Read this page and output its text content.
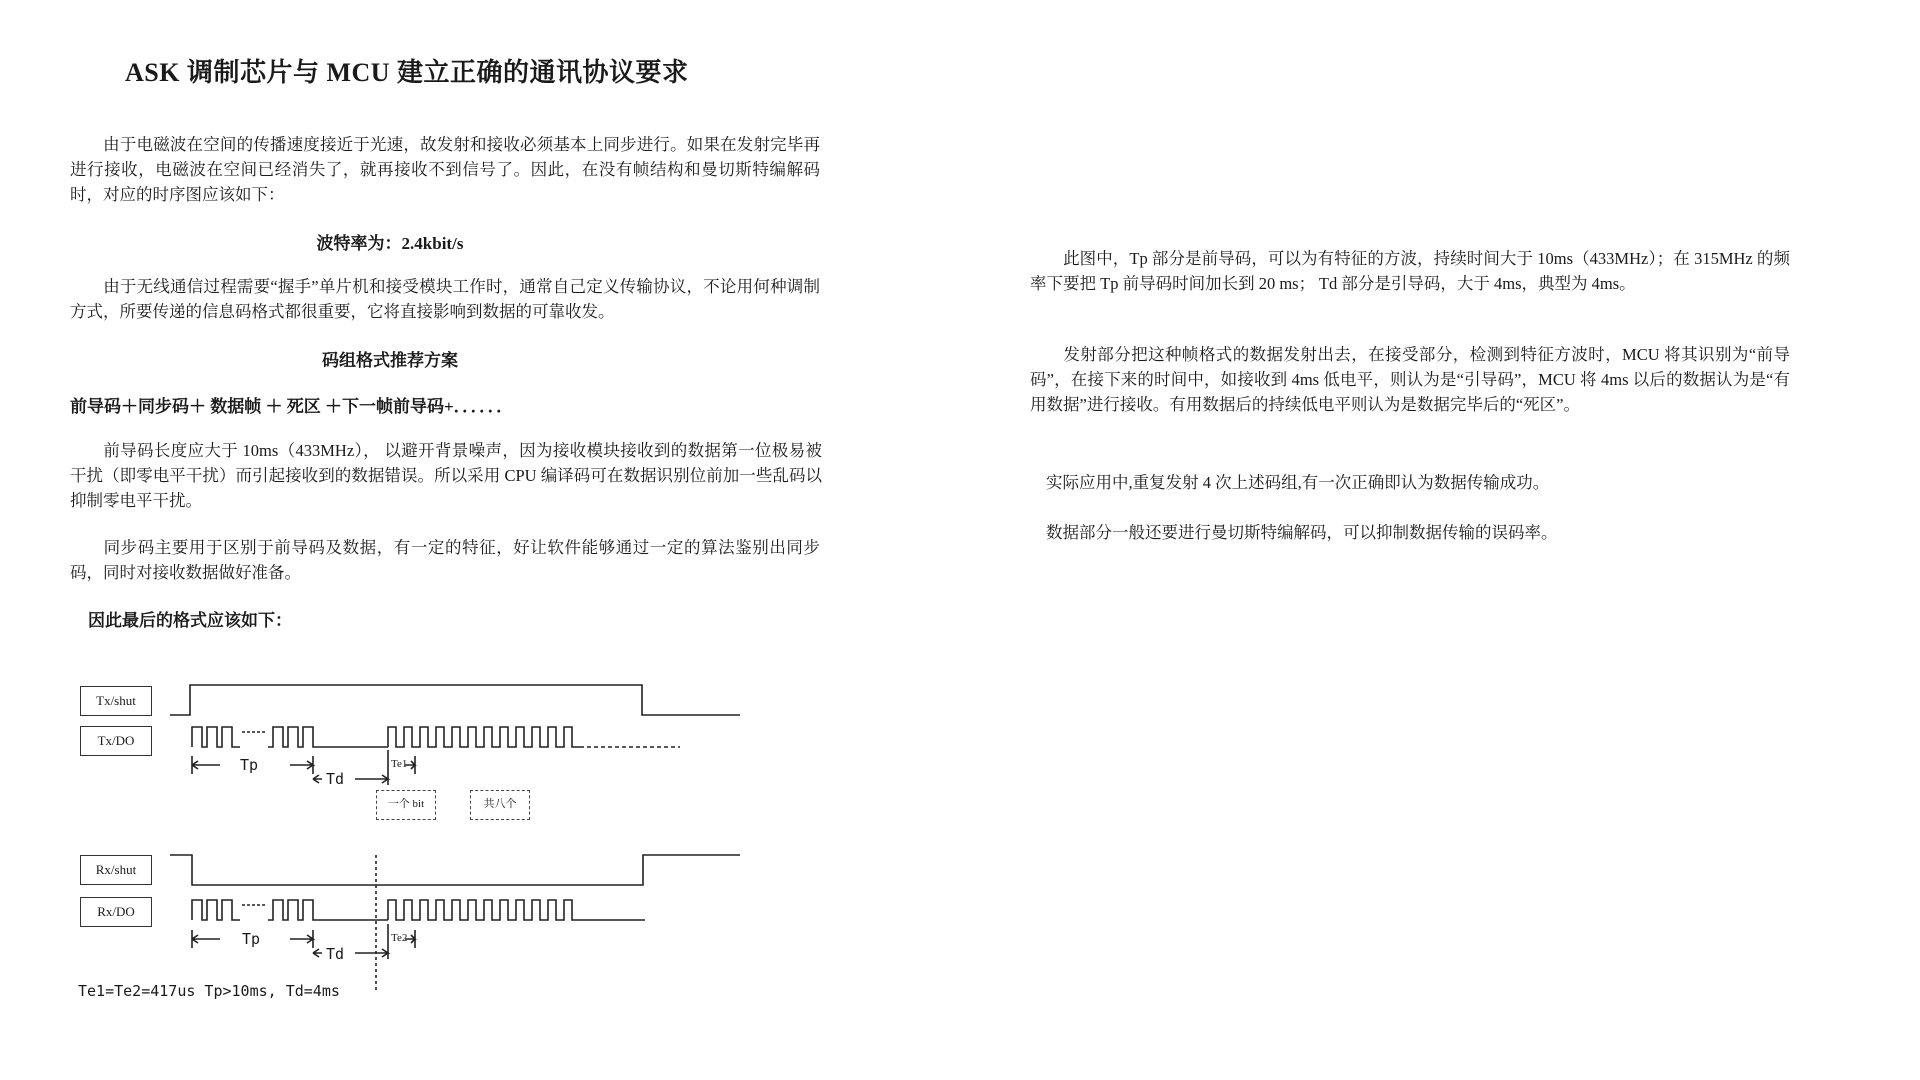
ASK 调制芯片与 MCU 建立正确的通讯协议要求
由于电磁波在空间的传播速度接近于光速，故发射和接收必须基本上同步进行。如果在发射完毕再进行接收，电磁波在空间已经消失了，就再接收不到信号了。因此，在没有帧结构和曼切斯特编解码时，对应的时序图应该如下：
波特率为：2.4kbit/s
由于无线通信过程需要“握手”单片机和接受模块工作时，通常自己定义传输协议，不论用何种调制方式，所要传递的信息码格式都很重要，它将直接影响到数据的可靠收发。
码组格式推荐方案
前导码＋同步码＋ 数据帧 ＋ 死区 ＋下一帧前导码+．．．．．．
前导码长度应大于 10ms（433MHz）， 以避开背景噪声，因为接收模块接收到的数据第一位极易被干扰（即零电平干扰）而引起接收到的数据错误。所以采用 CPU 编译码可在数据识别位前加一些乱码以抑制零电平干扰。
同步码主要用于区别于前导码及数据，有一定的特征，好让软件能够通过一定的算法鉴别出同步码，同时对接收数据做好准备。
因此最后的格式应该如下：
Tx/shut
Tx/DO
Rx/shut
Rx/DO
Tp
Td
Te1
一个 bit	共八个
Tp
Td
Te2
Te1=Te2=417us Tp>10ms, Td=4ms
此图中，Tp 部分是前导码，可以为有特征的方波，持续时间大于 10ms（433MHz）；在 315MHz 的频率下要把 Tp 前导码时间加长到 20 ms； Td 部分是引导码，大于 4ms，典型为 4ms。
发射部分把这种帧格式的数据发射出去，在接受部分，检测到特征方波时，MCU 将其识别为“前导码”，在接下来的时间中，如接收到 4ms 低电平，则认为是“引导码”，MCU 将 4ms 以后的数据认为是“有用数据”进行接收。有用数据后的持续低电平则认为是数据完毕后的“死区”。
实际应用中,重复发射 4 次上述码组,有一次正确即认为数据传输成功。
数据部分一般还要进行曼切斯特编解码，可以抑制数据传输的误码率。
